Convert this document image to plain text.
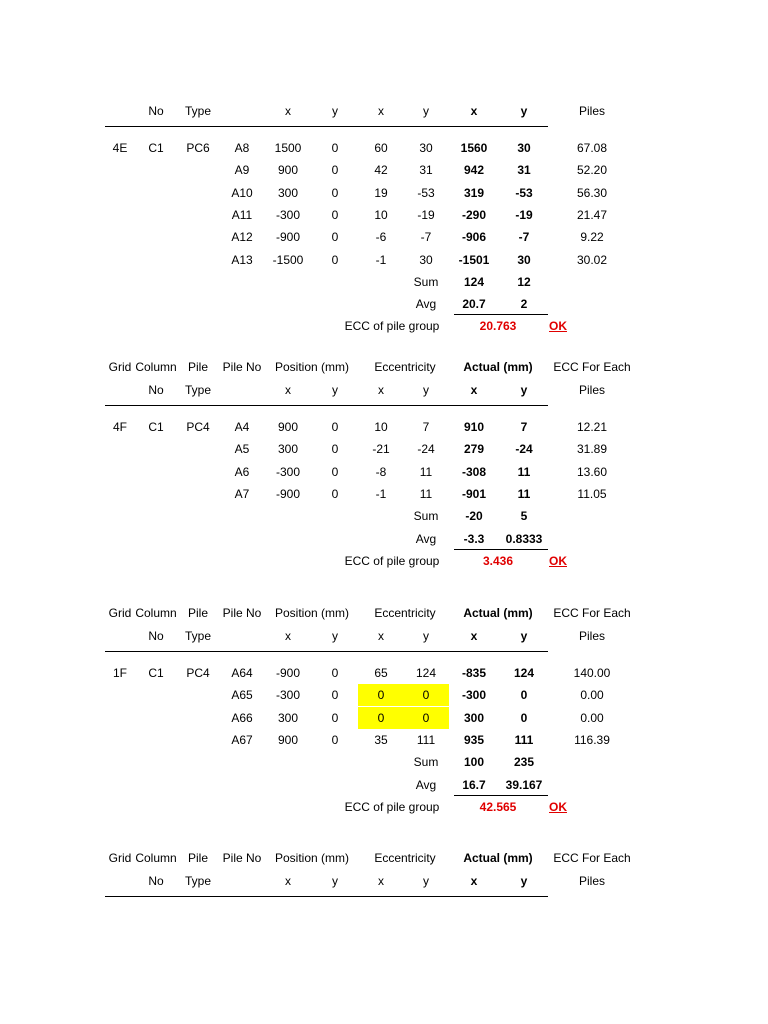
No Type	x	y	x	y	x	y	Piles
4E C1 PC6 A8 1500	0	60	30 1560 30	67.08
A9 900	0	42	31	942	31	52.20
A10 300	0	19 -53 319	-53	56.30
A11 -300	0	10 -19 -290 -19	21.47
A12 -900	0	-6	-7	-906	-7	9.22
A13 -1500 0	-1	30 -1501 30	30.02
Sum 124	12
Avg 20.7	2
ECC of pile group	20.763	OK
Grid Column Pile Pile No Position (mm) Eccentricity Actual (mm) ECC For Each
No Type	x	y	x	y	x	y	Piles
4F C1 PC4 A4 900	0	10	7	910	7	12.21
A5 300	0	-21 -24 279	-24	31.89
A6 -300	0	-8	11 -308	11	13.60
A7 -900	0	-1	11 -901	11	11.05
Sum -20	5
Avg -3.3 0.8333
ECC of pile group	3.436	OK
Grid Column Pile Pile No Position (mm) Eccentricity Actual (mm) ECC For Each
No Type	x	y	x	y	x	y	Piles
1F C1 PC4 A64 -900	0	65 124 -835 124	140.00
A65 -300	0	0	0	-300	0	0.00
A66 300	0	0	0	300	0	0.00
A67 900	0	35 111 935	111	116.39
Sum 100 235
Avg 16.7 39.167
ECC of pile group	42.565	OK
Grid Column Pile Pile No Position (mm) Eccentricity Actual (mm) ECC For Each
No Type	x	y	x	y	x	y	Piles
